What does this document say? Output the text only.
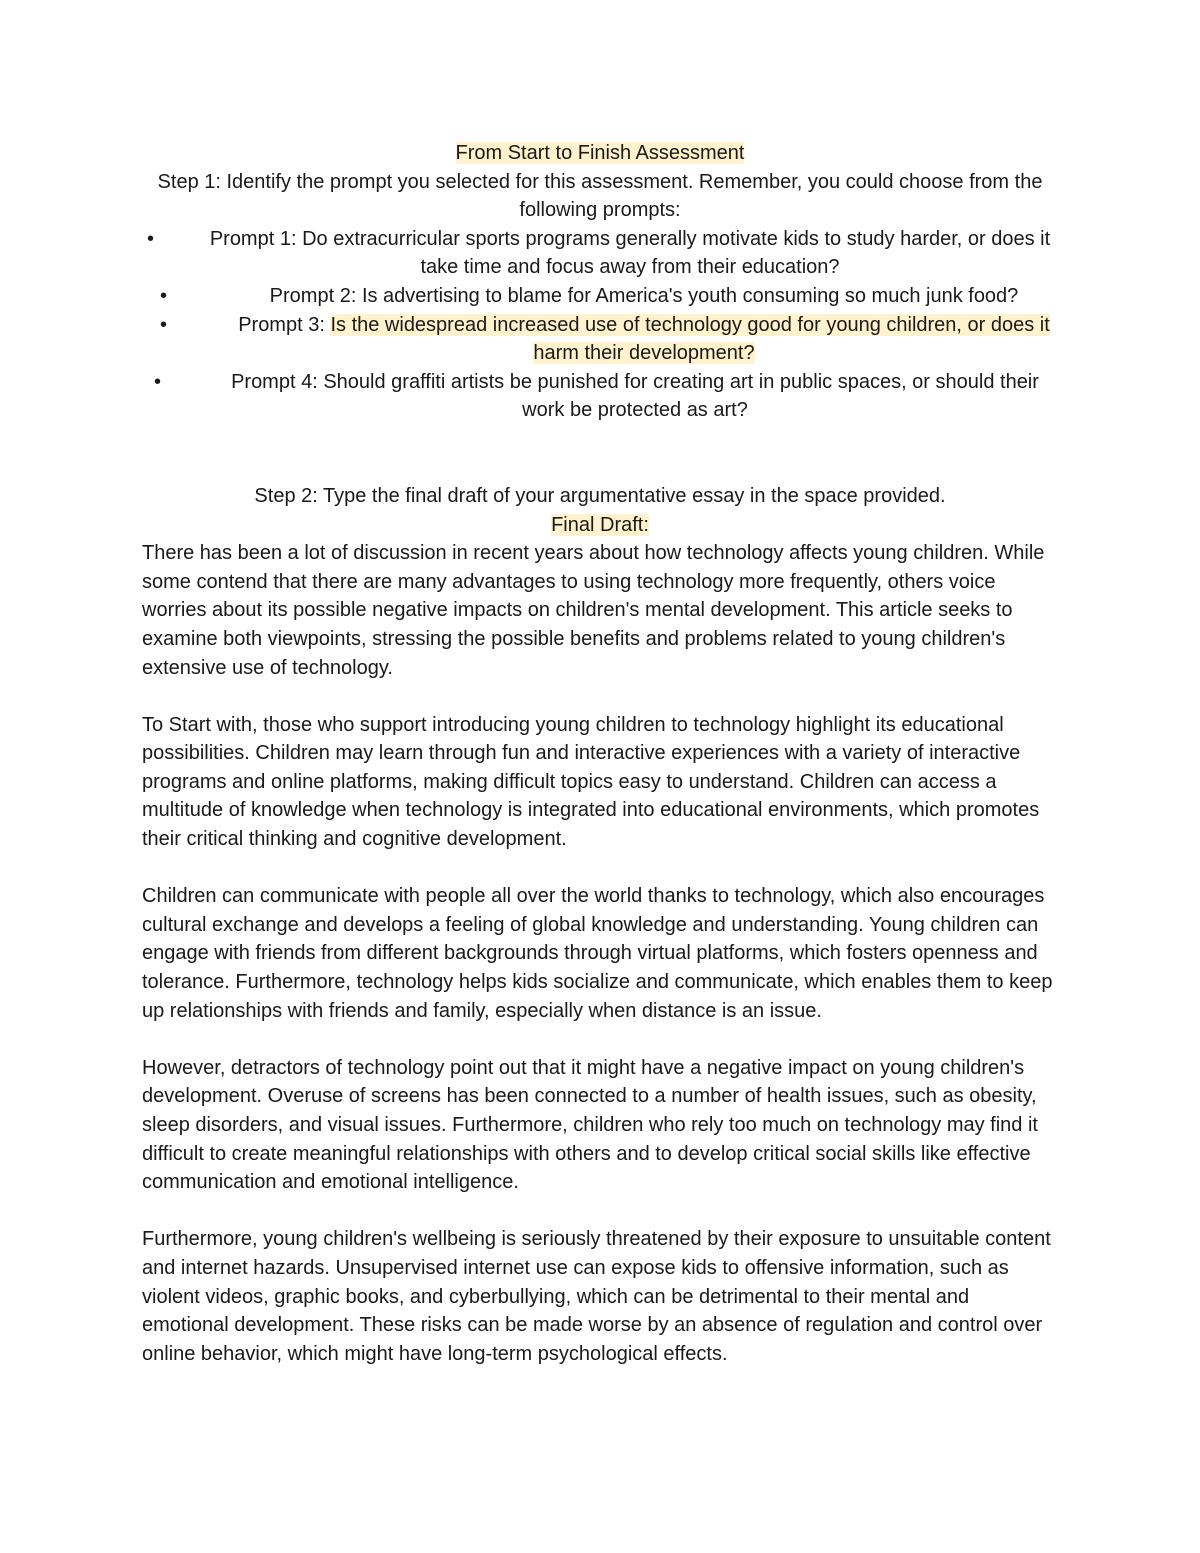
From Start to Finish Assessment
Step 1: Identify the prompt you selected for this assessment. Remember, you could choose from the following prompts:
•	Prompt 1: Do extracurricular sports programs generally motivate kids to study harder, or does it take time and focus away from their education?
•	Prompt 2: Is advertising to blame for America's youth consuming so much junk food?
•	Prompt 3: Is the widespread increased use of technology good for young children, or does it harm their development?
•	Prompt 4: Should graffiti artists be punished for creating art in public spaces, or should their work be protected as art?
Step 2: Type the final draft of your argumentative essay in the space provided.
Final Draft:

There has been a lot of discussion in recent years about how technology affects young children. While some contend that there are many advantages to using technology more frequently, others voice worries about its possible negative impacts on children's mental development. This article seeks to examine both viewpoints, stressing the possible benefits and problems related to young children's extensive use of technology.

To Start with, those who support introducing young children to technology highlight its educational possibilities. Children may learn through fun and interactive experiences with a variety of interactive programs and online platforms, making difficult topics easy to understand. Children can access a multitude of knowledge when technology is integrated into educational environments, which promotes their critical thinking and cognitive development.

Children can communicate with people all over the world thanks to technology, which also encourages cultural exchange and develops a feeling of global knowledge and understanding. Young children can engage with friends from different backgrounds through virtual platforms, which fosters openness and tolerance. Furthermore, technology helps kids socialize and communicate, which enables them to keep up relationships with friends and family, especially when distance is an issue.

However, detractors of technology point out that it might have a negative impact on young children's development. Overuse of screens has been connected to a number of health issues, such as obesity, sleep disorders, and visual issues. Furthermore, children who rely too much on technology may find it difficult to create meaningful relationships with others and to develop critical social skills like effective communication and emotional intelligence.

Furthermore, young children's wellbeing is seriously threatened by their exposure to unsuitable content and internet hazards. Unsupervised internet use can expose kids to offensive information, such as violent videos, graphic books, and cyberbullying, which can be detrimental to their mental and emotional development. These risks can be made worse by an absence of regulation and control over online behavior, which might have long-term psychological effects.
